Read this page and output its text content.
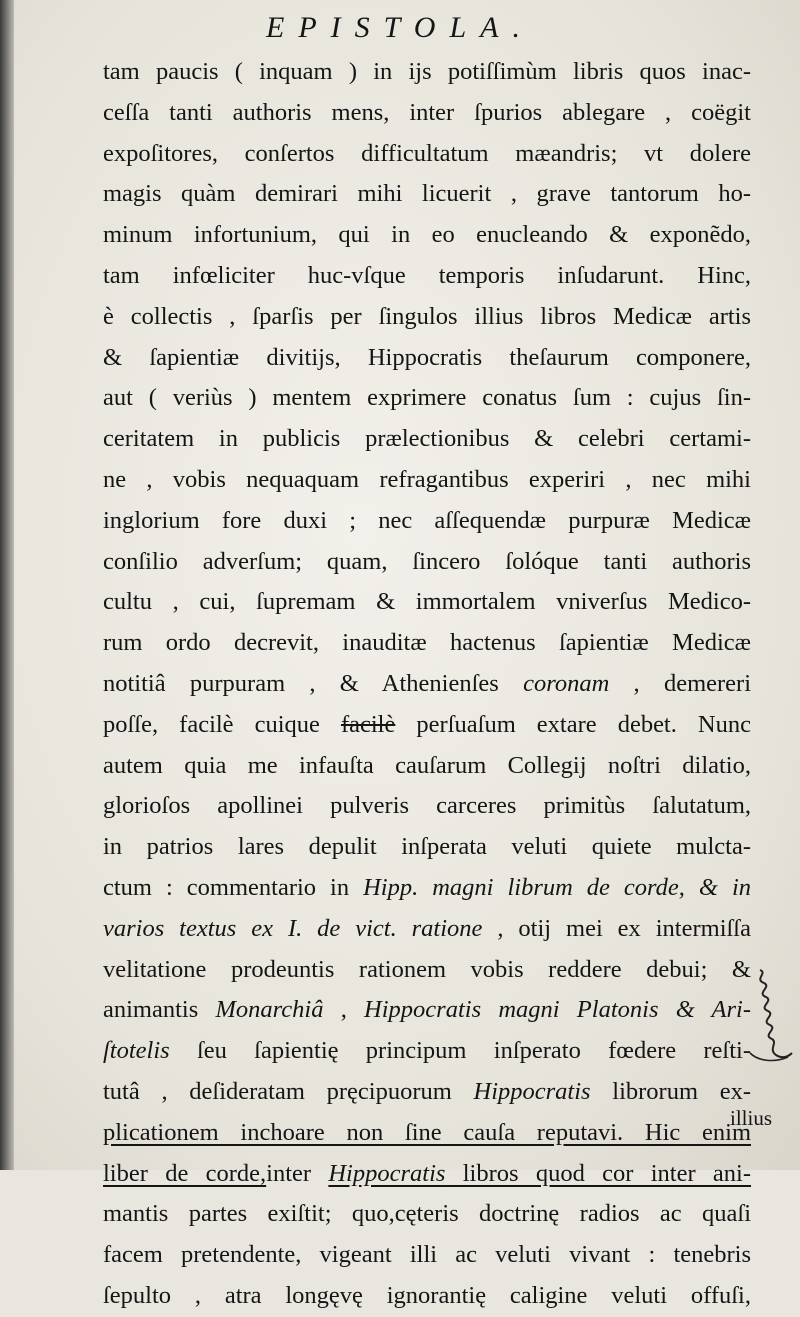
EPISTOLA.
tam paucis ( inquam ) in ijs potiſſimùm libris quos inac-
ceſſa tanti authoris mens, inter ſpurios ablegare , coëgit
expoſitores, conſertos difficultatum mæandris; vt dolere
magis quàm demirari mihi licuerit , grave tantorum ho-
minum infortunium, qui in eo enucleando & exponẽdo,
tam infœliciter huc-vſque temporis inſudarunt. Hinc,
è collectis , ſparſis per ſingulos illius libros Medicæ artis
& ſapientiæ divitijs, Hippocratis theſaurum componere,
aut ( veriùs ) mentem exprimere conatus ſum : cujus ſin-
ceritatem in publicis prælectionibus & celebri certami-
ne , vobis nequaquam refragantibus experiri , nec mihi
inglorium fore duxi ; nec aſſequendæ purpuræ Medicæ
conſilio adverſum; quam, ſincero ſolóque tanti authoris
cultu , cui, ſupremam & immortalem vniverſus Medico-
rum ordo decrevit, inauditæ hactenus ſapientiæ Medicæ
notitiâ purpuram , & Athenienſes coronam , demereri
poſſe, facilè cuique facilè perſuaſum extare debet. Nunc
autem quia me infauſta cauſarum Collegij noſtri dilatio,
glorioſos apollinei pulveris carceres primitùs ſalutatum,
in patrios lares depulit inſperata veluti quiete mulcta-
ctum : commentario in Hipp. magni librum de corde, & in
varios textus ex I. de vict. ratione , otij mei ex intermiſſa
velitatione prodeuntis rationem vobis reddere debui; &
animantis Monarchiâ , Hippocratis magni Platonis & Ari-
ſtotelis ſeu ſapientię principum inſperato fœdere reſti-
tutâ , deſideratam pręcipuorum Hippocratis librorum ex-
plicationem inchoare non ſine cauſa reputavi. Hic enim
liber de corde,inter Hippocratis libros quod cor inter ani-
mantis partes exiſtit; quo,cęteris doctrinę radios ac quaſi
facem pretendente, vigeant illi ac veluti vivant : tenebris
ſepulto , atra longęvę ignorantię caligine veluti offuſi,
illius
